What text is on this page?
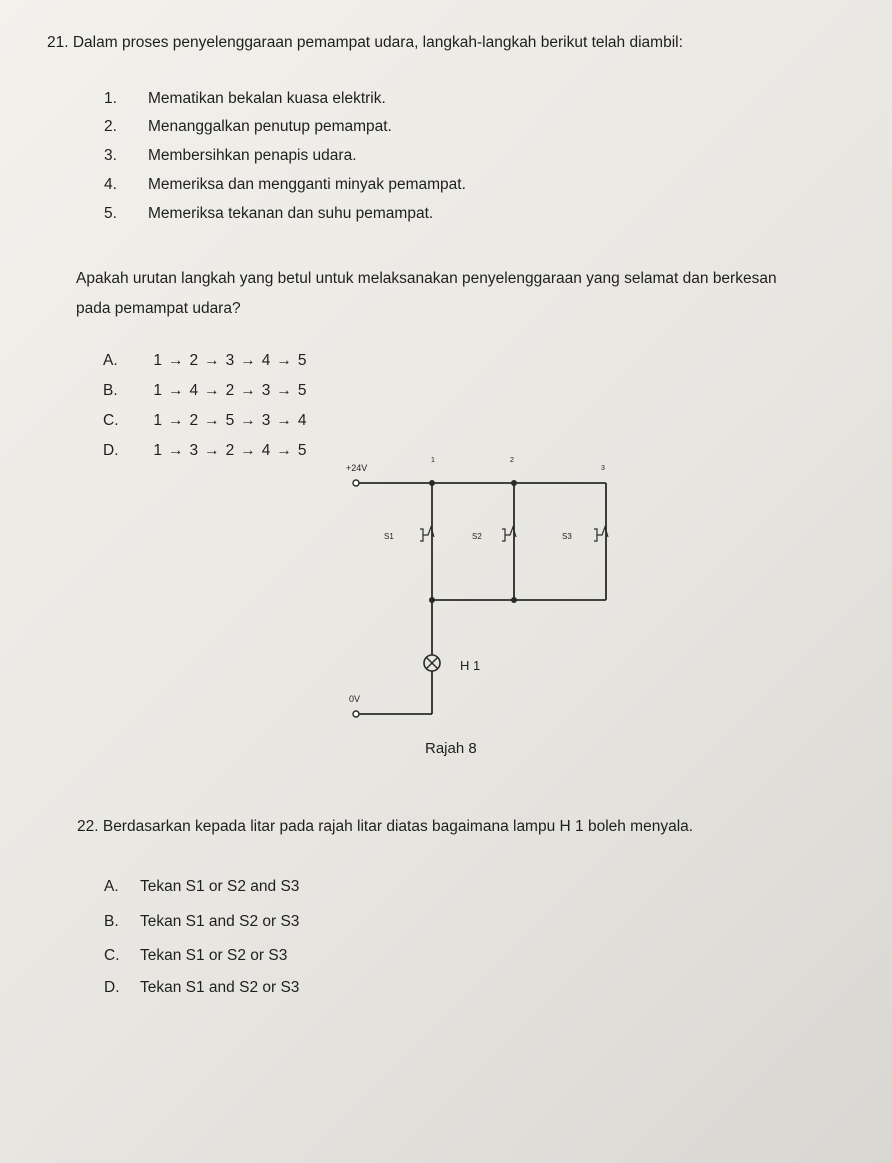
21. Dalam proses penyelenggaraan pemampat udara, langkah-langkah berikut telah diambil:
1. Mematikan bekalan kuasa elektrik.
2. Menanggalkan penutup pemampat.
3. Membersihkan penapis udara.
4. Memeriksa dan mengganti minyak pemampat.
5. Memeriksa tekanan dan suhu pemampat.
Apakah urutan langkah yang betul untuk melaksanakan penyelenggaraan yang selamat dan berkesan
pada pemampat udara?
A. 1 → 2 → 3 → 4 → 5
B. 1 → 4 → 2 → 3 → 5
C. 1 → 2 → 5 → 3 → 4
D. 1 → 3 → 2 → 4 → 5
+24V
1	2
3
S1	S2	S3
H 1
0V
Rajah 8
22. Berdasarkan kepada litar pada rajah litar diatas bagaimana lampu H 1 boleh menyala.
A. Tekan S1 or S2 and S3
B. Tekan S1 and S2 or S3
C. Tekan S1 or S2 or S3
D. Tekan S1 and S2 or S3
